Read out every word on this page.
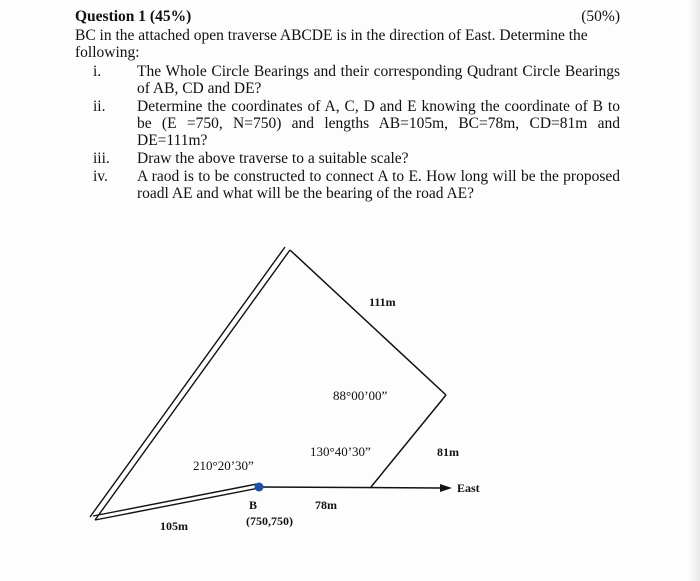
Question 1 (45%)	(50%)
BC in the attached open traverse ABCDE is in the direction of East. Determine the following:
i.	The Whole Circle Bearings and their corresponding Qudrant Circle Bearings of AB, CD and DE?
ii.	Determine the coordinates of A, C, D and E knowing the coordinate of B to be (E =750, N=750) and lengths AB=105m, BC=78m, CD=81m and DE=111m?
iii.	Draw the above traverse to a suitable scale?
iv.	A raod is to be constructed to connect A to E. How long will be the proposed roadl AE and what will be the bearing of the road AE?
111m
88°00’00”
130°40’30”	81m
210°20’30”
East
B
(750,750)
78m
105m
